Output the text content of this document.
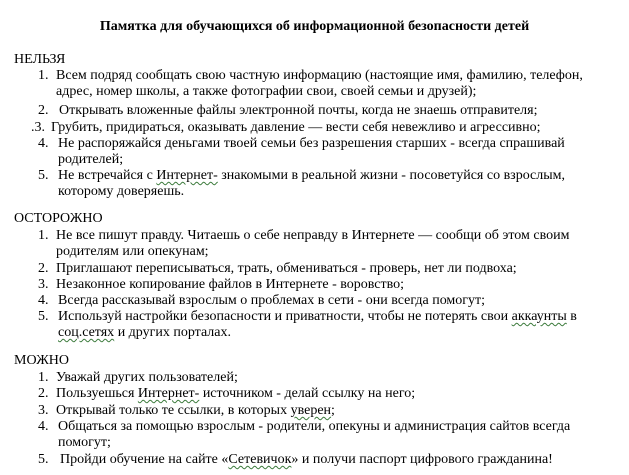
Памятка для обучающихся об информационной безопасности детей
НЕЛЬЗЯ
1. Всем подряд сообщать свою частную информацию (настоящие имя, фамилию, телефон, адрес, номер школы, а также фотографии свои, своей семьи и друзей);
2. Открывать вложенные файлы электронной почты, когда не знаешь отправителя;
.3. Грубить, придираться, оказывать давление — вести себя невежливо и агрессивно;
4. Не распоряжайся деньгами твоей семьи без разрешения старших - всегда спрашивай родителей;
5. Не встречайся с Интернет- знакомыми в реальной жизни - посоветуйся со взрослым, которому доверяешь.
ОСТОРОЖНО
1. Не все пишут правду. Читаешь о себе неправду в Интернете — сообщи об этом своим родителям или опекунам;
2. Приглашают переписываться, трать, обмениваться - проверь, нет ли подвоха;
3. Незаконное копирование файлов в Интернете - воровство;
4. Всегда рассказывай взрослым о проблемах в сети - они всегда помогут;
5. Используй настройки безопасности и приватности, чтобы не потерять свои аккаунты в соц.сетях и других порталах.
МОЖНО
1. Уважай других пользователей;
2. Пользуешься Интернет- источником - делай ссылку на него;
3. Открывай только те ссылки, в которых уверен;
4. Общаться за помощью взрослым - родители, опекуны и администрация сайтов всегда помогут;
5. Пройди обучение на сайте «Сетевичок» и получи паспорт цифрового гражданина!
